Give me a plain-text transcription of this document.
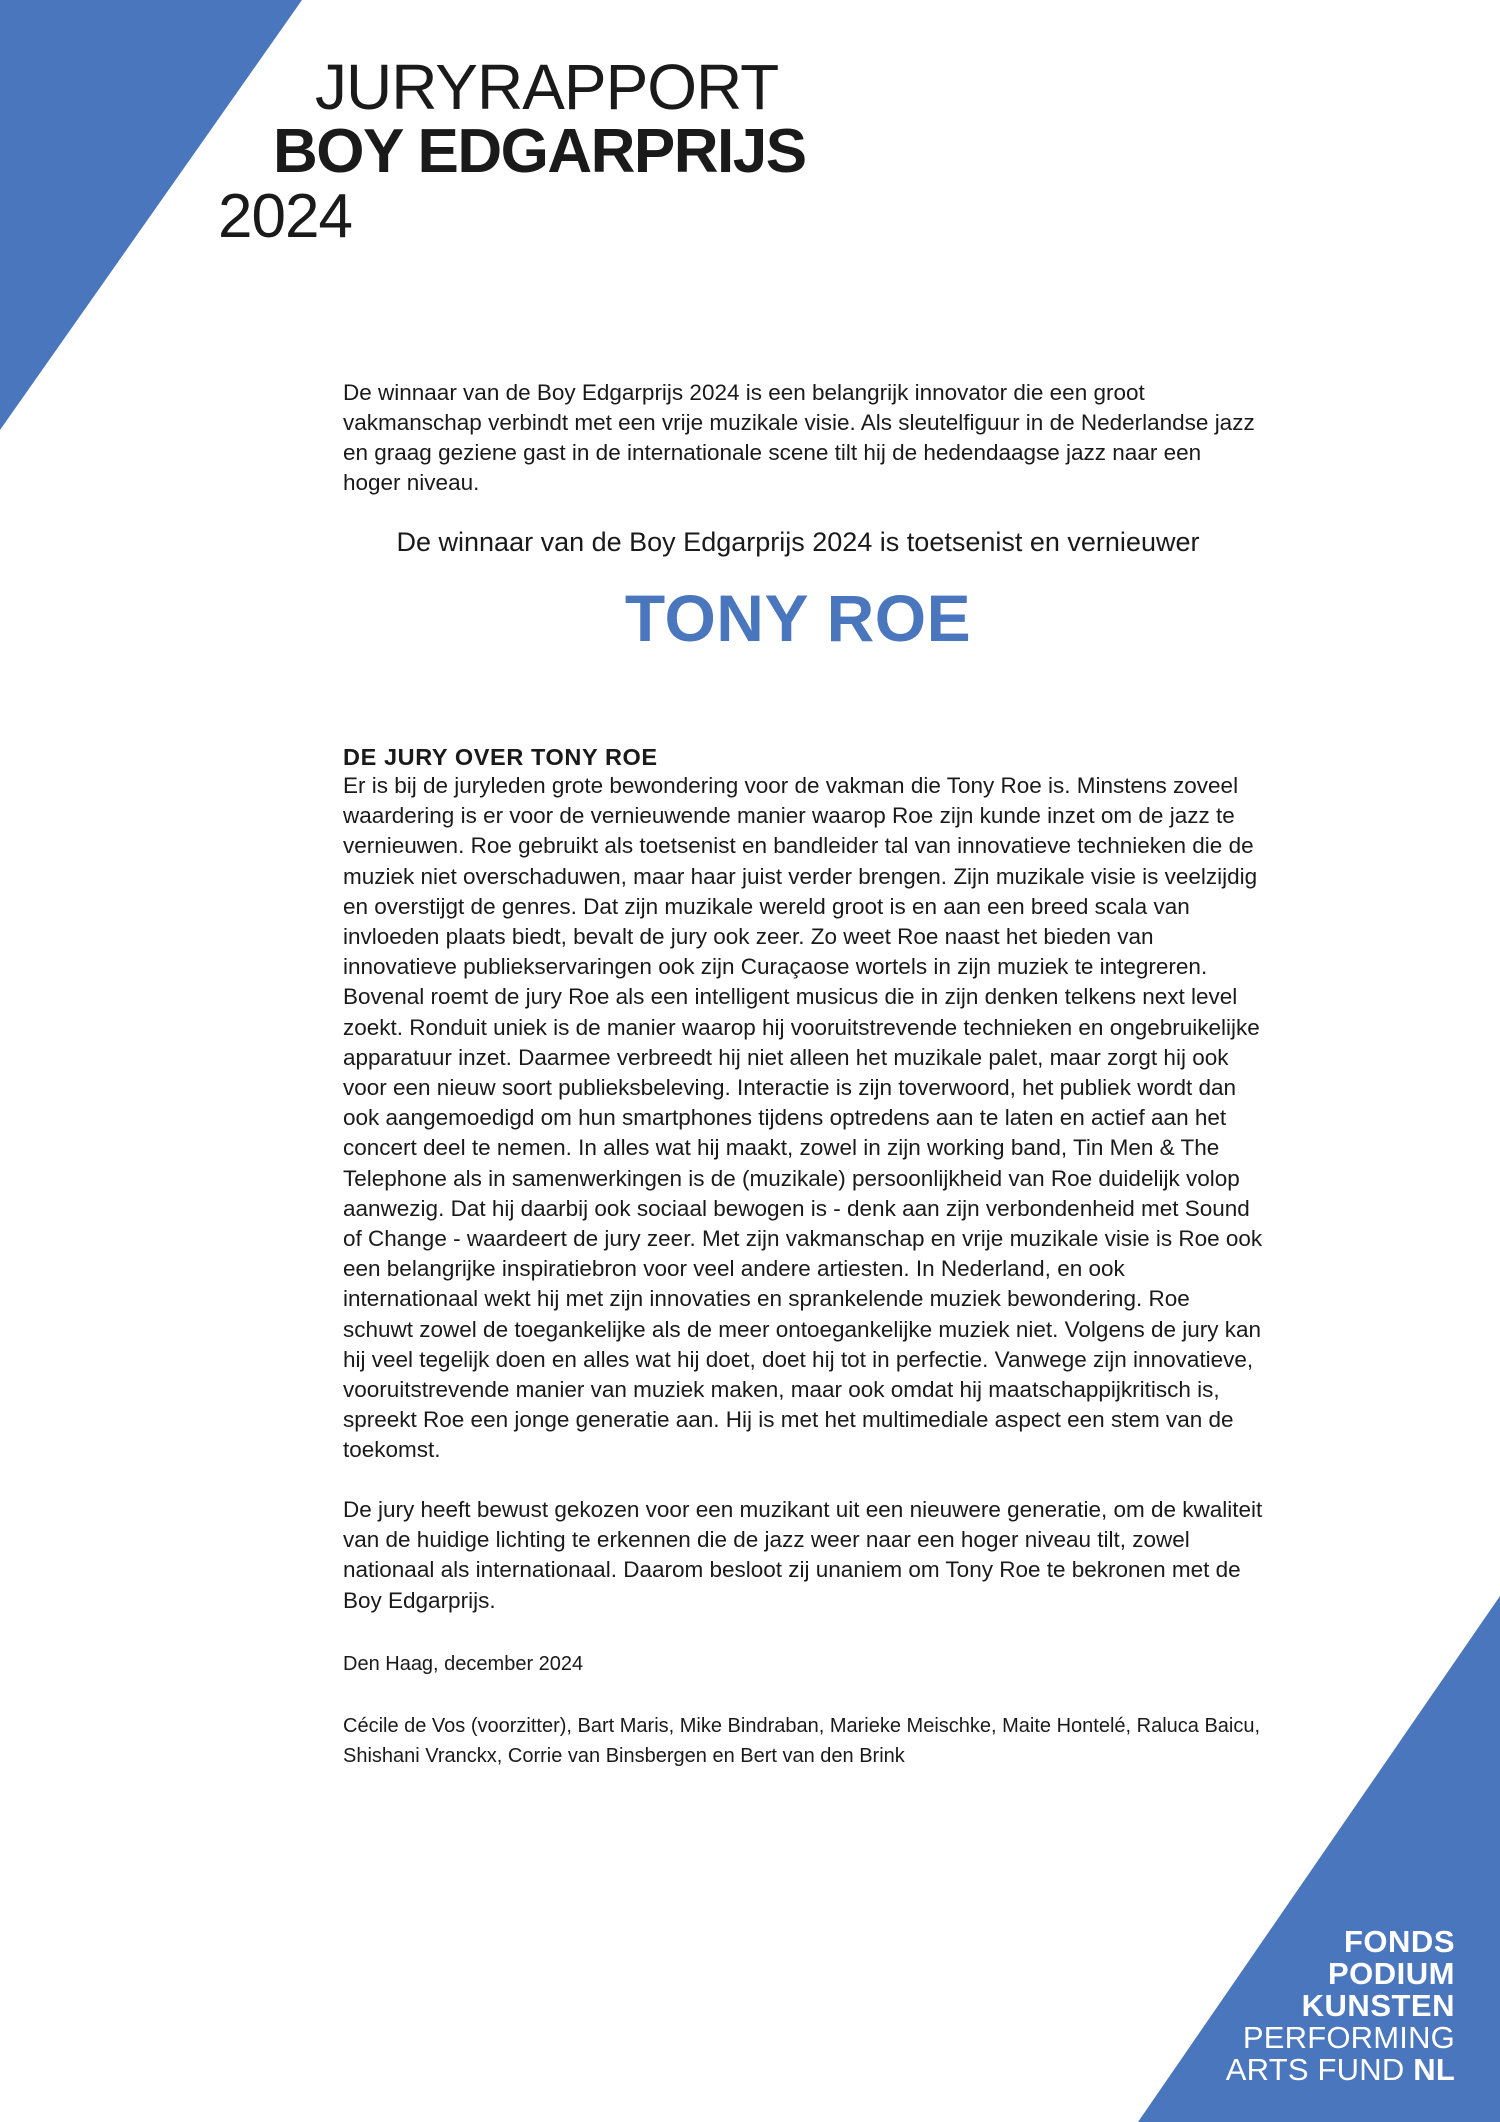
JURYRAPPORT
BOY EDGARPRIJS
2024
De winnaar van de Boy Edgarprijs 2024 is een belangrijk innovator die een groot vakmanschap verbindt met een vrije muzikale visie. Als sleutelfiguur in de Nederlandse jazz en graag geziene gast in de internationale scene tilt hij de hedendaagse jazz naar een hoger niveau.
De winnaar van de Boy Edgarprijs 2024 is toetsenist en vernieuwer
TONY ROE
DE JURY OVER TONY ROE

Er is bij de juryleden grote bewondering voor de vakman die Tony Roe is. Minstens zoveel waardering is er voor de vernieuwende manier waarop Roe zijn kunde inzet om de jazz te vernieuwen. Roe gebruikt als toetsenist en bandleider tal van innovatieve technieken die de muziek niet overschaduwen, maar haar juist verder brengen. Zijn muzikale visie is veelzijdig en overstijgt de genres. Dat zijn muzikale wereld groot is en aan een breed scala van invloeden plaats biedt, bevalt de jury ook zeer. Zo weet Roe naast het bieden van innovatieve publiekservaringen ook zijn Curaçaose wortels in zijn muziek te integreren. Bovenal roemt de jury Roe als een intelligent musicus die in zijn denken telkens next level zoekt. Ronduit uniek is de manier waarop hij vooruitstrevende technieken en ongebruikelijke apparatuur inzet. Daarmee verbreedt hij niet alleen het muzikale palet, maar zorgt hij ook voor een nieuw soort publieksbeleving. Interactie is zijn toverwoord, het publiek wordt dan ook aangemoedigd om hun smartphones tijdens optredens aan te laten en actief aan het concert deel te nemen. In alles wat hij maakt, zowel in zijn working band, Tin Men & The Telephone als in samenwerkingen is de (muzikale) persoonlijkheid van Roe duidelijk volop aanwezig. Dat hij daarbij ook sociaal bewogen is - denk aan zijn verbondenheid met Sound of Change - waardeert de jury zeer. Met zijn vakmanschap en vrije muzikale visie is Roe ook een belangrijke inspiratiebron voor veel andere artiesten. In Nederland, en ook internationaal wekt hij met zijn innovaties en sprankelende muziek bewondering. Roe schuwt zowel de toegankelijke als de meer ontoegankelijke muziek niet. Volgens de jury kan hij veel tegelijk doen en alles wat hij doet, doet hij tot in perfectie. Vanwege zijn innovatieve, vooruitstrevende manier van muziek maken, maar ook omdat hij maatschappijkritisch is, spreekt Roe een jonge generatie aan. Hij is met het multimediale aspect een stem van de toekomst.

De jury heeft bewust gekozen voor een muzikant uit een nieuwere generatie, om de kwaliteit van de huidige lichting te erkennen die de jazz weer naar een hoger niveau tilt, zowel nationaal als internationaal. Daarom besloot zij unaniem om Tony Roe te bekronen met de Boy Edgarprijs.

Den Haag, december 2024
Cécile de Vos (voorzitter), Bart Maris, Mike Bindraban, Marieke Meischke, Maite Hontelé, Raluca Baicu, Shishani Vranckx, Corrie van Binsbergen en Bert van den Brink
FONDS
PODIUM
KUNSTEN
PERFORMING
ARTS FUND NL
